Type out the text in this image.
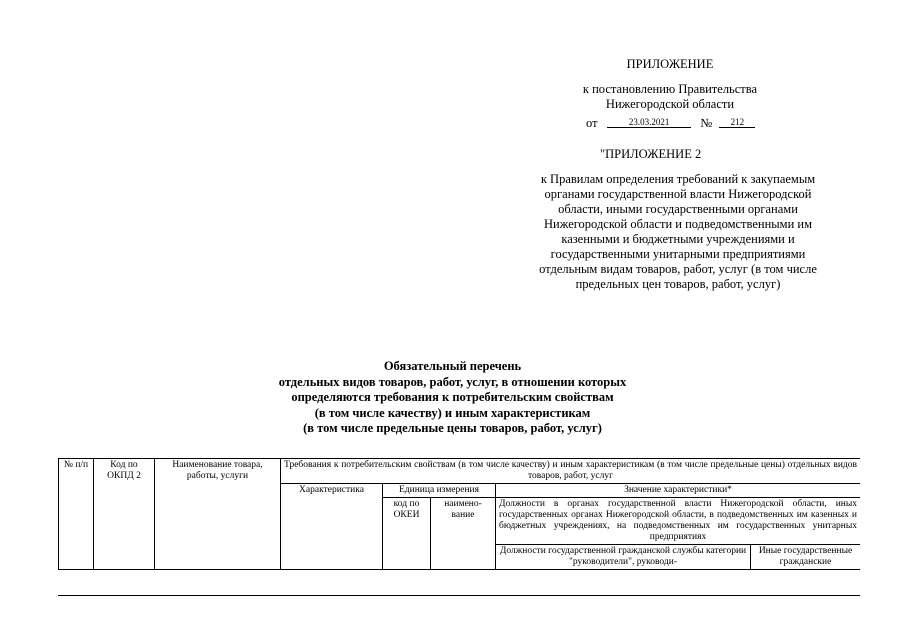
ПРИЛОЖЕНИЕ
к постановлению Правительства
Нижегородской области
от	23.03.2021 № 212
"ПРИЛОЖЕНИЕ 2
к Правилам определения требований к закупаемым
органами государственной власти Нижегородской
области, иными государственными органами
Нижегородской области и подведомственными им
казенными и бюджетными учреждениями и
государственными унитарными предприятиями
отдельным видам товаров, работ, услуг (в том числе
предельных цен товаров, работ, услуг)
Обязательный перечень
отдельных видов товаров, работ, услуг, в отношении которых
определяются требования к потребительским свойствам
(в том числе качеству) и иным характеристикам
(в том числе предельные цены товаров, работ, услуг)
№ п/п	Код по ОКПД 2	Наименование товара, работы, услуги	Требования к потребительским свойствам (в том числе качеству) и иным характеристикам (в том числе предельные цены) отдельных видов товаров, работ, услуг				
			Характеристика	Единица измерения		Значение характеристики*	
				код по ОКЕИ	наимено-вание	Должности в органах государственной власти Нижегородской области, иных государственных органах Нижегородской области, в подведомственных им казенных и бюджетных учреждениях, на подведомственных им государственных унитарных предприятиях	
						Должности государственной гражданской службы категории "руководители", руководи-	Иные государственные гражданские
